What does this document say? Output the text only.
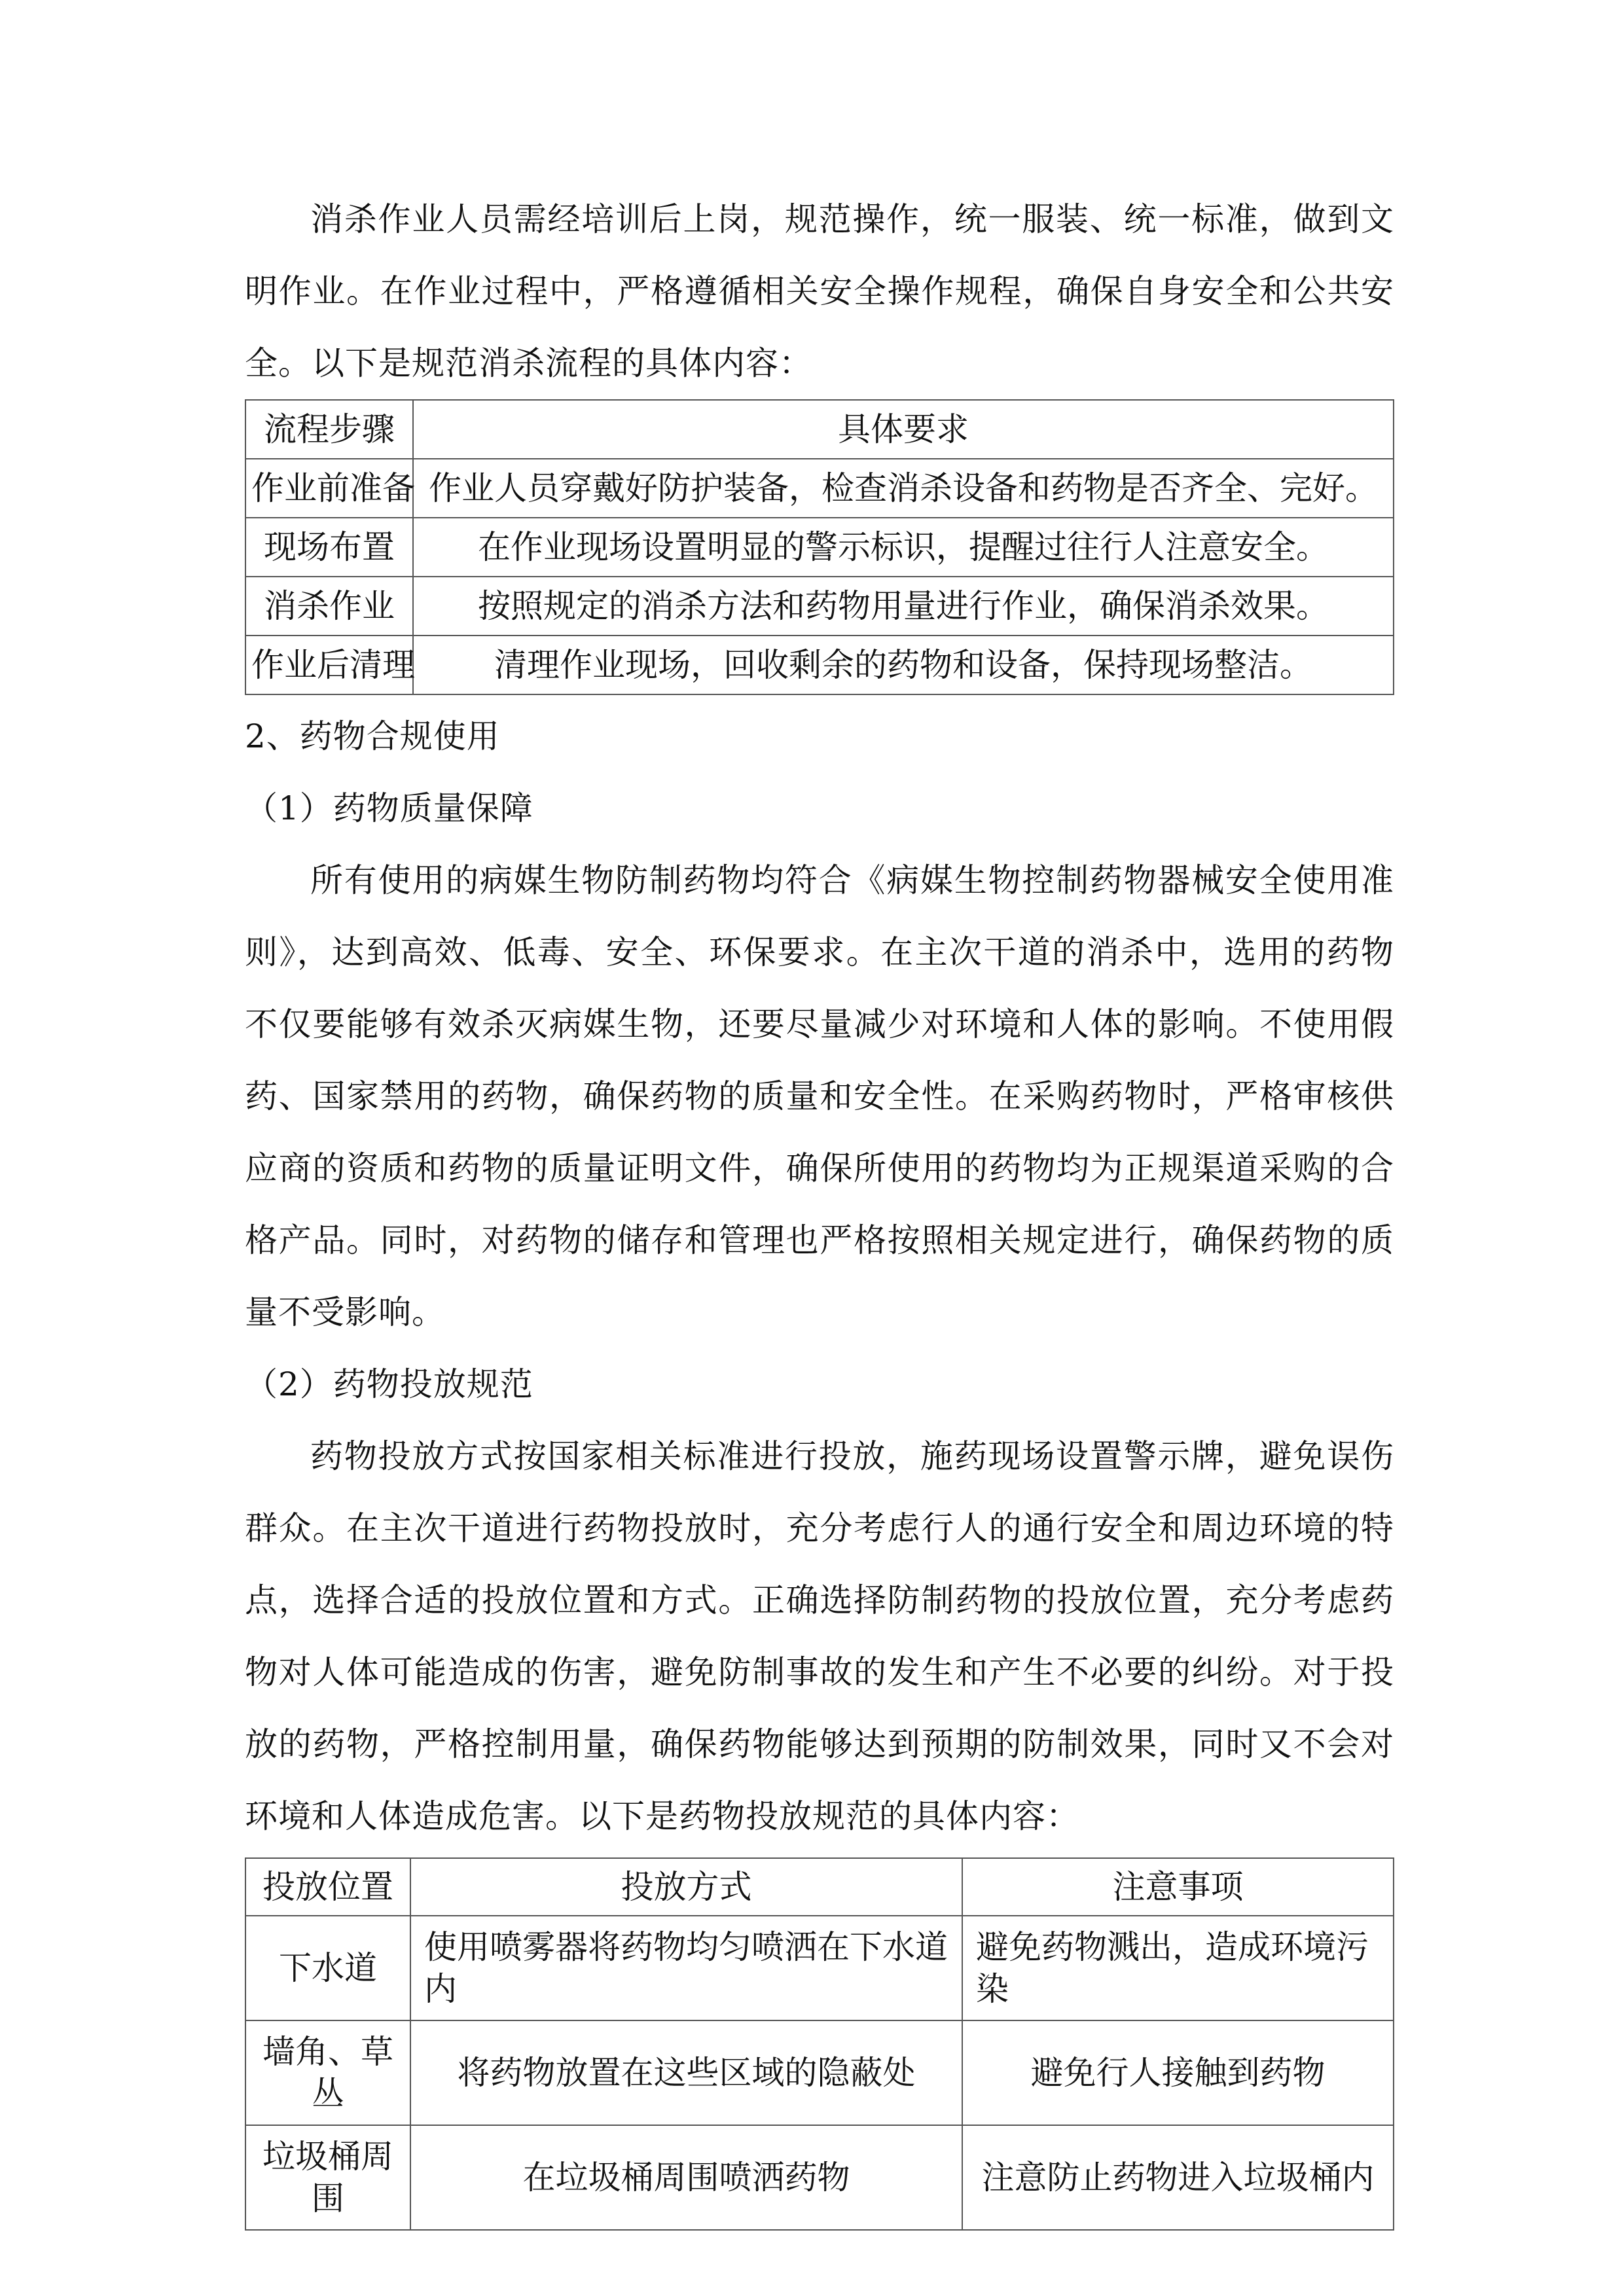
消杀作业人员需经培训后上岗，规范操作，统一服装、统一标准，做到文明作业。在作业过程中，严格遵循相关安全操作规程，确保自身安全和公共安全。以下是规范消杀流程的具体内容：

流程步骤	具体要求
作业前准备	作业人员穿戴好防护装备，检查消杀设备和药物是否齐全、完好。
现场布置	在作业现场设置明显的警示标识，提醒过往行人注意安全。
消杀作业	按照规定的消杀方法和药物用量进行作业，确保消杀效果。
作业后清理	清理作业现场，回收剩余的药物和设备，保持现场整洁。

2、药物合规使用

（1）药物质量保障

所有使用的病媒生物防制药物均符合《病媒生物控制药物器械安全使用准则》，达到高效、低毒、安全、环保要求。在主次干道的消杀中，选用的药物不仅要能够有效杀灭病媒生物，还要尽量减少对环境和人体的影响。不使用假药、国家禁用的药物，确保药物的质量和安全性。在采购药物时，严格审核供应商的资质和药物的质量证明文件，确保所使用的药物均为正规渠道采购的合格产品。同时，对药物的储存和管理也严格按照相关规定进行，确保药物的质量不受影响。

（2）药物投放规范

药物投放方式按国家相关标准进行投放，施药现场设置警示牌，避免误伤群众。在主次干道进行药物投放时，充分考虑行人的通行安全和周边环境的特点，选择合适的投放位置和方式。正确选择防制药物的投放位置，充分考虑药物对人体可能造成的伤害，避免防制事故的发生和产生不必要的纠纷。对于投放的药物，严格控制用量，确保药物能够达到预期的防制效果，同时又不会对环境和人体造成危害。以下是药物投放规范的具体内容：

投放位置	投放方式	注意事项
下水道	使用喷雾器将药物均匀喷洒在下水道内	避免药物溅出，造成环境污染
墙角、草丛	将药物放置在这些区域的隐蔽处	避免行人接触到药物
垃圾桶周围	在垃圾桶周围喷洒药物	注意防止药物进入垃圾桶内
